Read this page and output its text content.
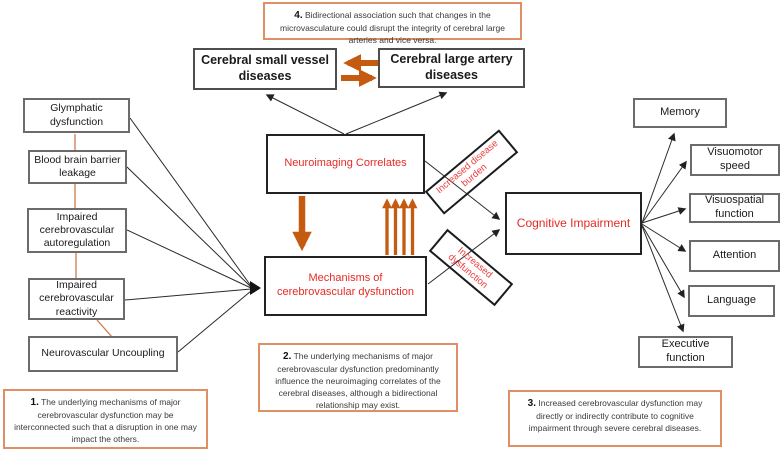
4. Bidirectional association such that changes in the microvasculature could disrupt the integrity of cerebral large arteries and vice versa.
Cerebral small vessel diseases
Cerebral large artery diseases
Glymphatic dysfunction
Blood brain barrier leakage
Impaired cerebrovascular autoregulation
Impaired cerebrovascular reactivity
Neurovascular Uncoupling
Neuroimaging Correlates
Mechanisms of cerebrovascular dysfunction
Increased disease burden
Increased dysfunction
Cognitive Impairment
Memory
Visuomotor speed
Visuospatial function
Attention
Language
Executive function
1. The underlying mechanisms of major cerebrovascular dysfunction may be interconnected such that a disruption in one may impact the others.
2. The underlying mechanisms of major cerebrovascular dysfunction predominantly influence the neuroimaging correlates of the cerebral diseases, although a bidirectional relationship may exist.	3. Increased cerebrovascular dysfunction may directly or indirectly contribute to cognitive impairment through severe cerebral diseases.
